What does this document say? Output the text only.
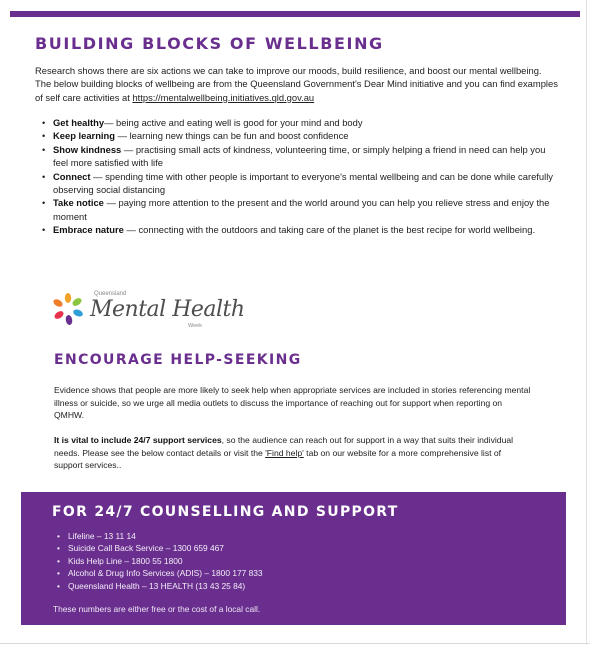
BUILDING BLOCKS OF WELLBEING

Research shows there are six actions we can take to improve our moods, build resilience, and boost our mental wellbeing. The below building blocks of wellbeing are from the Queensland Government's Dear Mind initiative and you can find examples of self care activities at https://mentalwellbeing.initiatives.qld.gov.au

• Get healthy— being active and eating well is good for your mind and body
• Keep learning — learning new things can be fun and boost confidence
• Show kindness — practising small acts of kindness, volunteering time, or simply helping a friend in need can help you feel more satisfied with life
• Connect — spending time with other people is important to everyone's mental wellbeing and can be done while carefully observing social distancing
• Take notice — paying more attention to the present and the world around you can help you relieve stress and enjoy the moment
• Embrace nature — connecting with the outdoors and taking care of the planet is the best recipe for world wellbeing.
Queensland
Mental Health
Week
ENCOURAGE HELP-SEEKING

Evidence shows that people are more likely to seek help when appropriate services are included in stories referencing mental illness or suicide, so we urge all media outlets to discuss the importance of reaching out for support when reporting on QMHW.

It is vital to include 24/7 support services, so the audience can reach out for support in a way that suits their individual needs. Please see the below contact details or visit the 'Find help' tab on our website for a more comprehensive list of support services..

FOR 24/7 COUNSELLING AND SUPPORT
• Lifeline – 13 11 14
• Suicide Call Back Service – 1300 659 467
• Kids Help Line – 1800 55 1800
• Alcohol & Drug Info Services (ADIS) – 1800 177 833
• Queensland Health – 13 HEALTH (13 43 25 84)

These numbers are either free or the cost of a local call.
